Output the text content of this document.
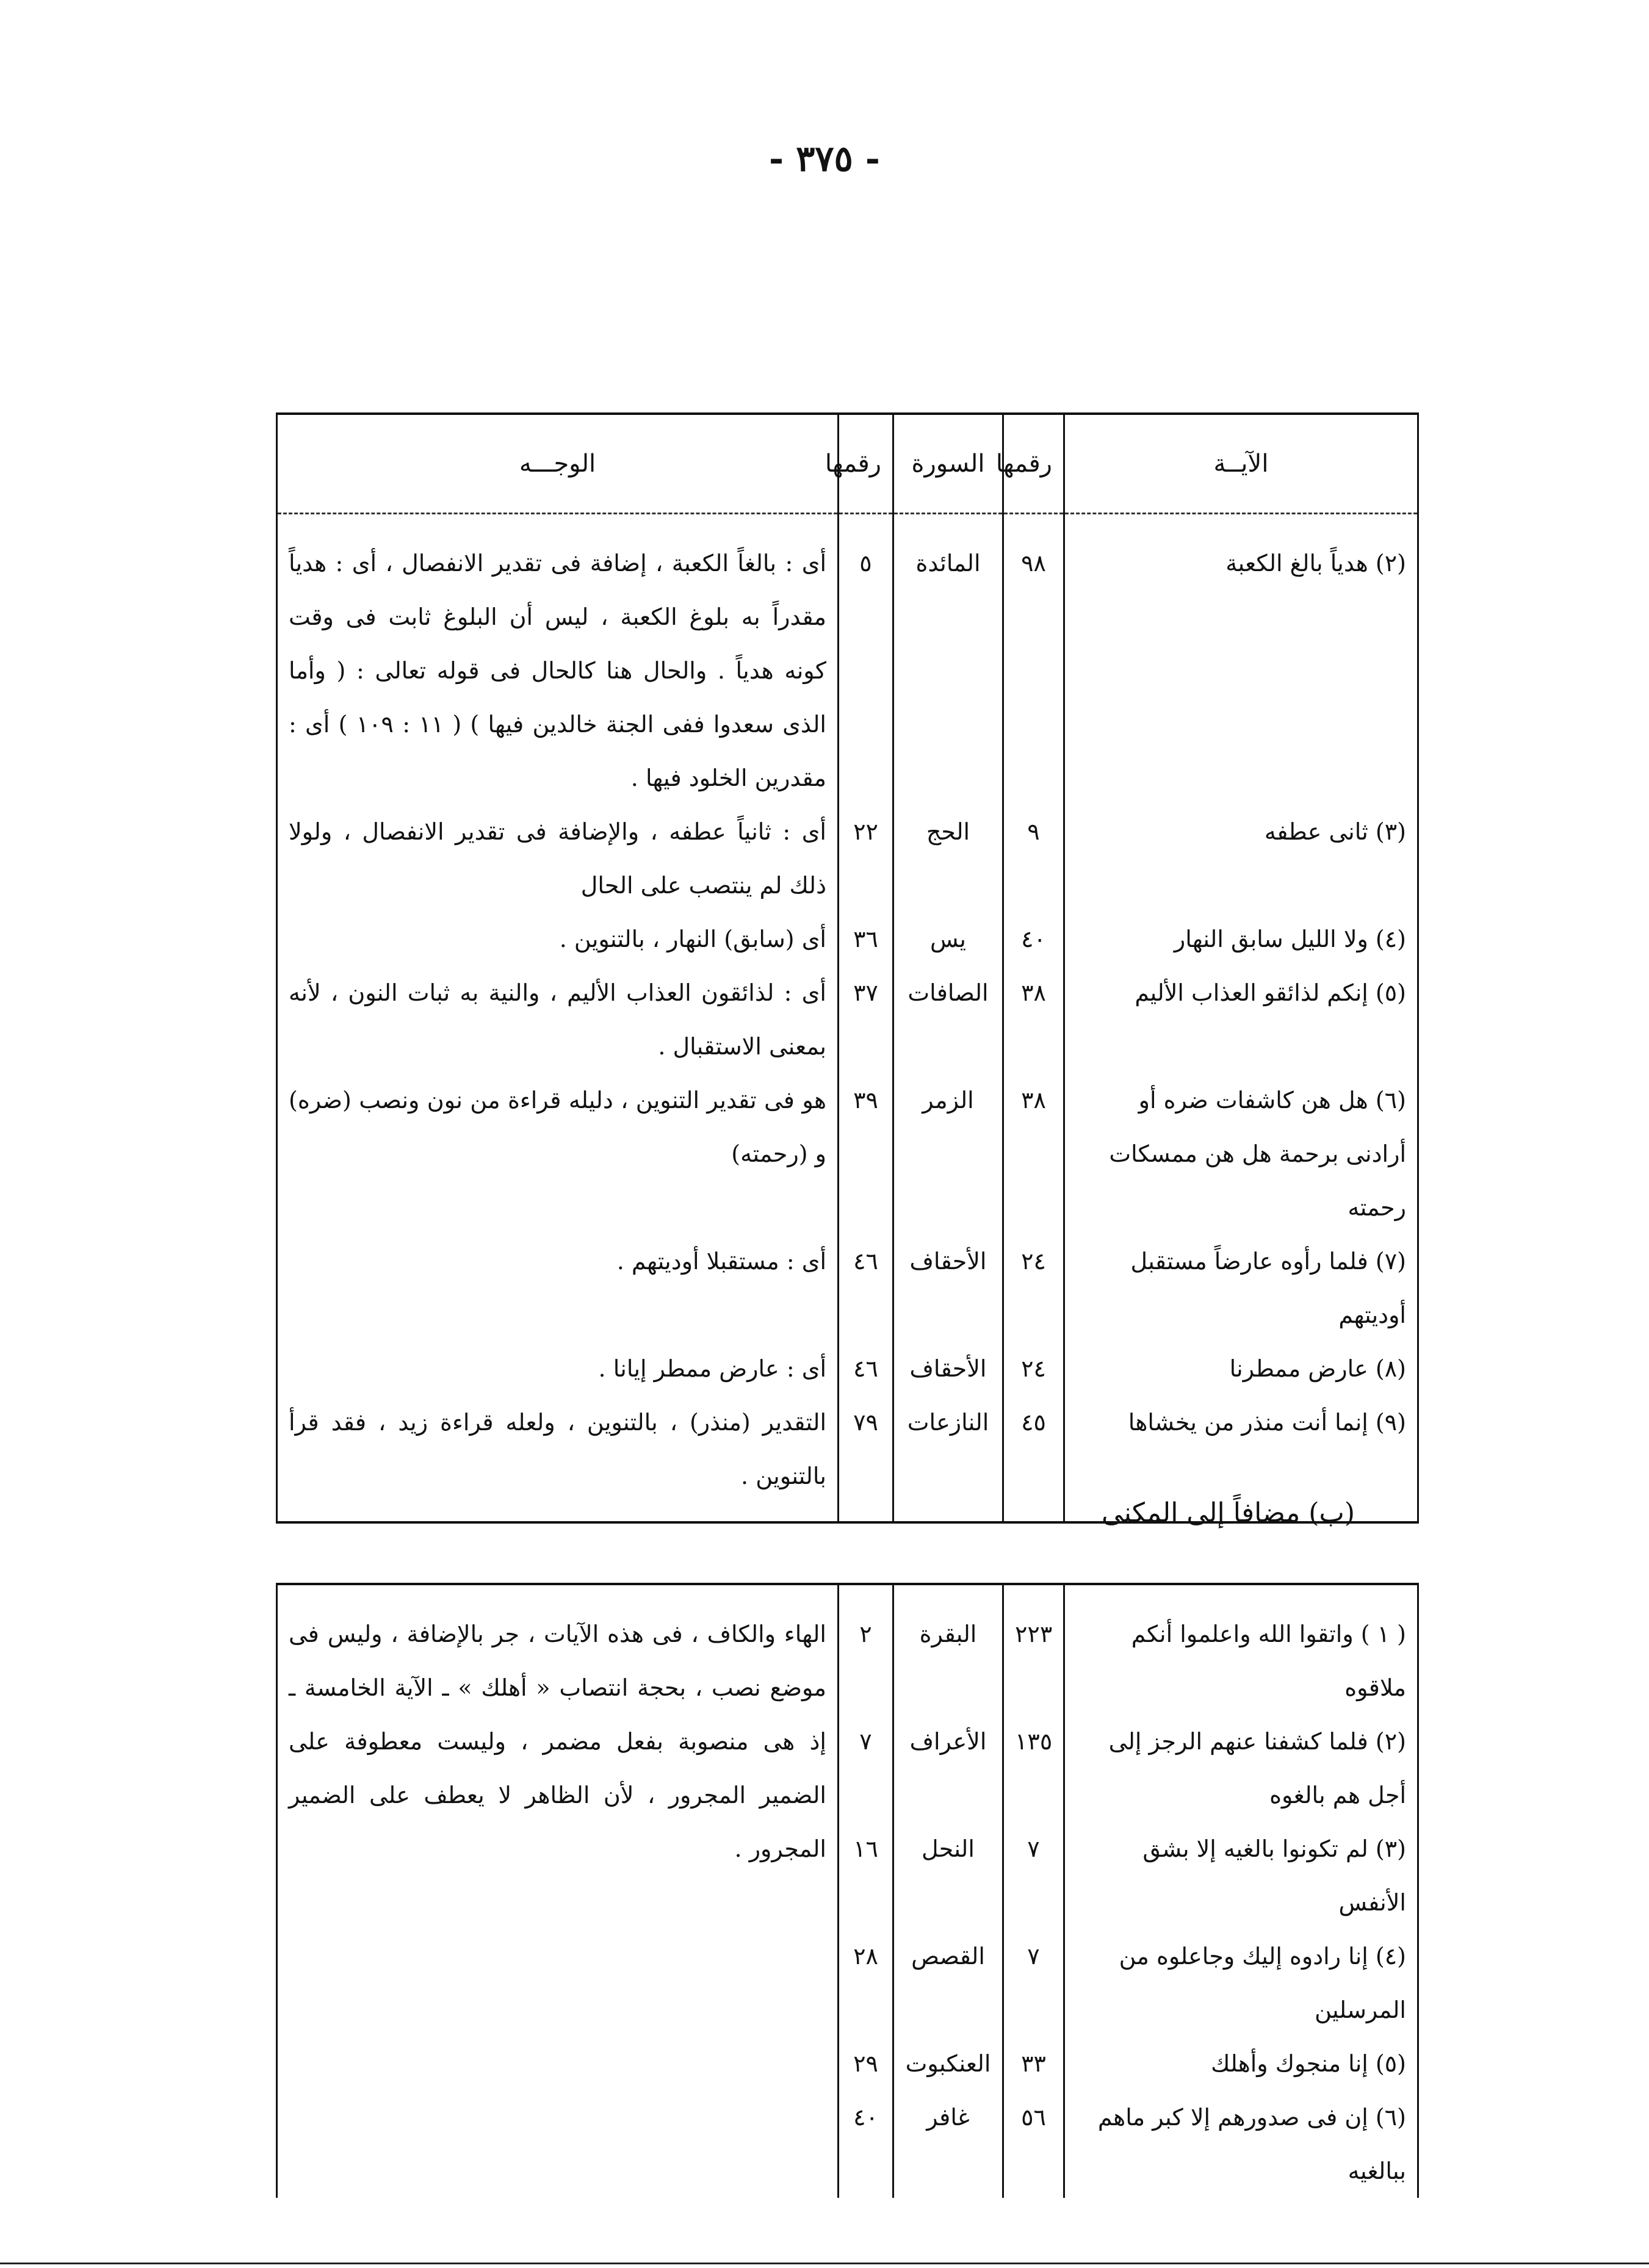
- ٣٧٥ -
الآيــة	رقمها	السورة	رقمها	الوجـــه
(٢) هدياً بالغ الكعبة	٩٨	المائدة	٥	أى : بالغاً الكعبة ، إضافة فى تقدير الانفصال ، أى : هدياً مقدراً به بلوغ الكعبة ، ليس أن البلوغ ثابت فى وقت كونه هدياً . والحال هنا كالحال فى قوله تعالى : ( وأما الذى سعدوا ففى الجنة خالدين فيها ) ( ١١ : ١٠٩ ) أى : مقدرين الخلود فيها .
(٣) ثانى عطفه	٩	الحج	٢٢	أى : ثانياً عطفه ، والإضافة فى تقدير الانفصال ، ولولا ذلك لم ينتصب على الحال
(٤) ولا الليل سابق النهار	٤٠	يس	٣٦	أى (سابق) النهار ، بالتنوين .
(٥) إنكم لذائقو العذاب الأليم	٣٨	الصافات	٣٧	أى : لذائقون العذاب الأليم ، والنية به ثبات النون ، لأنه بمعنى الاستقبال .
(٦) هل هن كاشفات ضره أو أرادنى برحمة هل هن ممسكات رحمته	٣٨	الزمر	٣٩	هو فى تقدير التنوين ، دليله قراءة من نون ونصب (ضره) و (رحمته)
(٧) فلما رأوه عارضاً مستقبل أوديتهم	٢٤	الأحقاف	٤٦	أى : مستقبلا أوديتهم .
(٨) عارض ممطرنا	٢٤	الأحقاف	٤٦	أى : عارض ممطر إيانا .
(٩) إنما أنت منذر من يخشاها	٤٥	النازعات	٧٩	التقدير (منذر) ، بالتنوين ، ولعله قراءة زيد ، فقد قرأ بالتنوين .
(ب) مضافاً إلى المكنى
( ١ ) واتقوا الله واعلموا أنكم ملاقوه	٢٢٣	البقرة	٢	الهاء والكاف ، فى هذه الآيات ، جر بالإضافة ، وليس فى موضع نصب ، بحجة انتصاب « أهلك » ـ الآية الخامسة ـ إذ هى منصوبة بفعل مضمر ، وليست معطوفة على الضمير المجرور ، لأن الظاهر لا يعطف على الضمير المجرور .
(٢) فلما كشفنا عنهم الرجز إلى أجل هم بالغوه	١٣٥	الأعراف	٧	
(٣) لم تكونوا بالغيه إلا بشق الأنفس	٧	النحل	١٦	
(٤) إنا رادوه إليك وجاعلوه من المرسلين	٧	القصص	٢٨	
(٥) إنا منجوك وأهلك	٣٣	العنكبوت	٢٩	
(٦) إن فى صدورهم إلا كبر ماهم ببالغيه	٥٦	غافر	٤٠	
